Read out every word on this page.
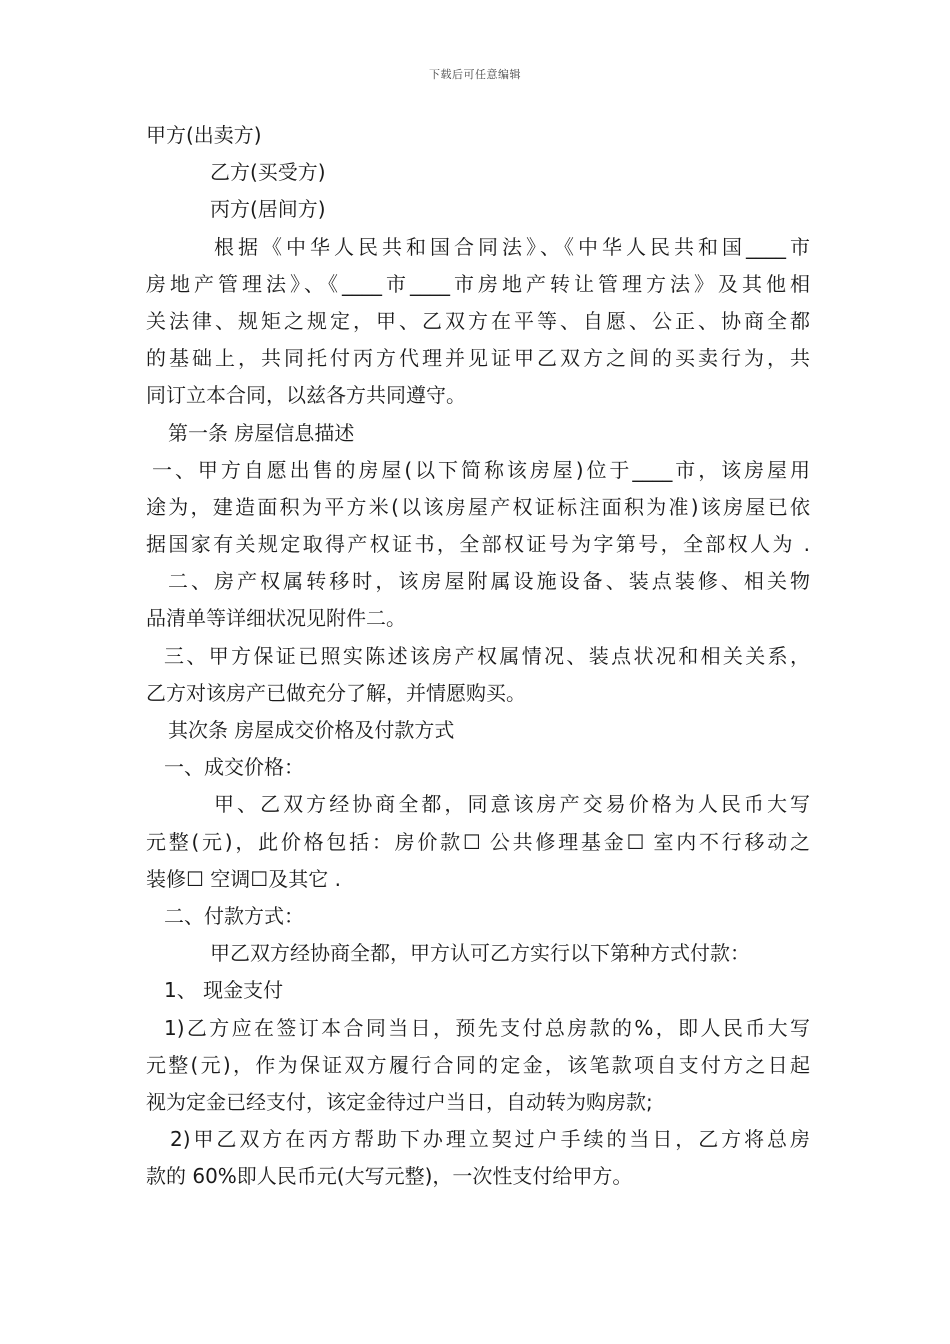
下载后可任意编辑

甲方(出卖方)

乙方(买受方)

丙方(居间方)

根据《中华人民共和国合同法》、《中华人民共和国____市

房地产管理法》、《____市____市房地产转让管理方法》及其他相

关法律、规矩之规定，甲、乙双方在平等、自愿、公正、协商全都

的基础上，共同托付丙方代理并见证甲乙双方之间的买卖行为，共

同订立本合同，以兹各方共同遵守。

第一条 房屋信息描述

一、甲方自愿出售的房屋(以下简称该房屋)位于____市，该房屋用

途为，建造面积为平方米(以该房屋产权证标注面积为准)该房屋已依

据国家有关规定取得产权证书，全部权证号为字第号，全部权人为 .

二、房产权属转移时，该房屋附属设施设备、装点装修、相关物

品清单等详细状况见附件二。

三、甲方保证已照实陈述该房产权属情况、装点状况和相关关系，

乙方对该房产已做充分了解，并情愿购买。

其次条 房屋成交价格及付款方式

一、成交价格：

甲、乙双方经协商全都，同意该房产交易价格为人民币大写

元整(元)，此价格包括：房价款☐ 公共修理基金☐ 室内不行移动之

装修☐ 空调☐及其它 .

二、付款方式：

甲乙双方经协商全都，甲方认可乙方实行以下第种方式付款：

1、 现金支付

1)乙方应在签订本合同当日，预先支付总房款的%，即人民币大写

元整(元)，作为保证双方履行合同的定金，该笔款项自支付方之日起

视为定金已经支付，该定金待过户当日，自动转为购房款;

2)甲乙双方在丙方帮助下办理立契过户手续的当日，乙方将总房

款的 60%即人民币元(大写元整)，一次性支付给甲方。
